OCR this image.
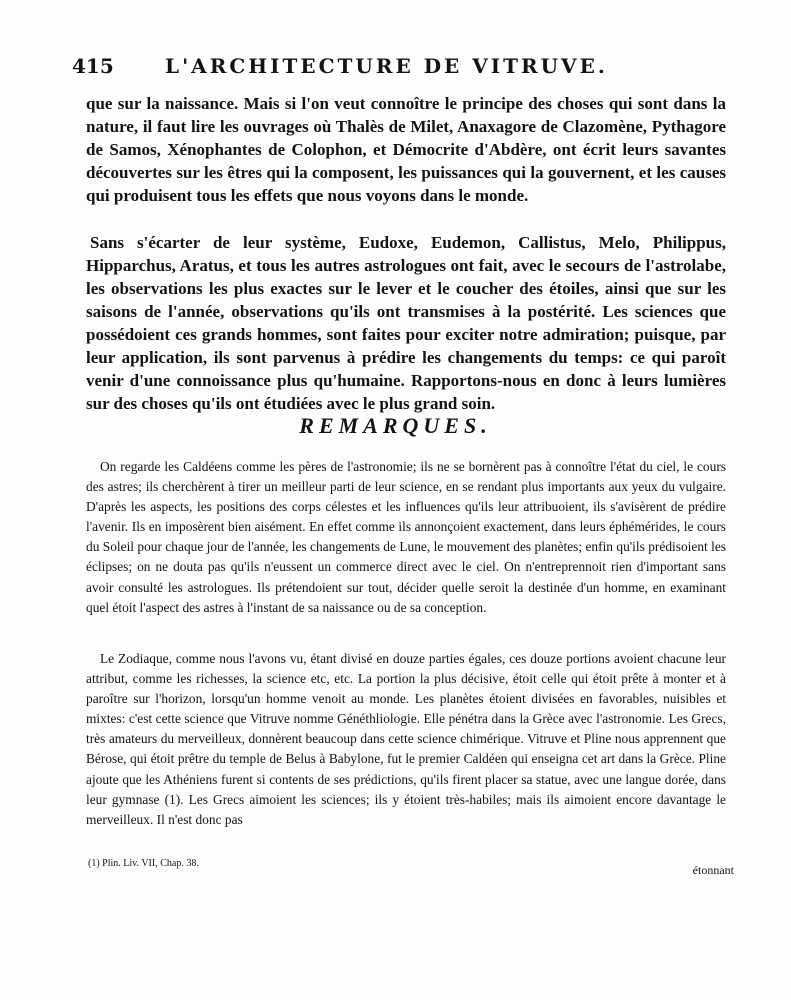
415	L'ARCHITECTURE DE VITRUVE.

que sur la naissance. Mais si l'on veut connoître le principe des choses qui sont dans la nature, il faut lire les ouvrages où Thalès de Milet, Anaxagore de Clazomène, Pythagore de Samos, Xénophantes de Colophon, et Démocrite d'Abdère, ont écrit leurs savantes découvertes sur les êtres qui la composent, les puissances qui la gouvernent, et les causes qui produisent tous les effets que nous voyons dans le monde.

Sans s'écarter de leur système, Eudoxe, Eudemon, Callistus, Melo, Philippus, Hipparchus, Aratus, et tous les autres astrologues ont fait, avec le secours de l'astrolabe, les observations les plus exactes sur le lever et le coucher des étoiles, ainsi que sur les saisons de l'année, observations qu'ils ont transmises à la postérité. Les sciences que possédoient ces grands hommes, sont faites pour exciter notre admiration; puisque, par leur application, ils sont parvenus à prédire les changements du temps: ce qui paroît venir d'une connoissance plus qu'humaine. Rapportons-nous en donc à leurs lumières sur des choses qu'ils ont étudiées avec le plus grand soin.

REMARQUES.

On regarde les Caldéens comme les pères de l'astronomie; ils ne se bornèrent pas à connoître l'état du ciel, le cours des astres; ils cherchèrent à tirer un meilleur parti de leur science, en se rendant plus importants aux yeux du vulgaire. D'après les aspects, les positions des corps célestes et les influences qu'ils leur attribuoient, ils s'avisèrent de prédire l'avenir. Ils en imposèrent bien aisément. En effet comme ils annonçoient exactement, dans leurs éphémérides, le cours du Soleil pour chaque jour de l'année, les changements de Lune, le mouvement des planètes; enfin qu'ils prédisoient les éclipses; on ne douta pas qu'ils n'eussent un commerce direct avec le ciel. On n'entreprennoit rien d'important sans avoir consulté les astrologues. Ils prétendoient sur tout, décider quelle seroit la destinée d'un homme, en examinant quel étoit l'aspect des astres à l'instant de sa naissance ou de sa conception.

Le Zodiaque, comme nous l'avons vu, étant divisé en douze parties égales, ces douze portions avoient chacune leur attribut, comme les richesses, la science etc, etc. La portion la plus décisive, étoit celle qui étoit prête à monter et à paroître sur l'horizon, lorsqu'un homme venoit au monde. Les planètes étoient divisées en favorables, nuisibles et mixtes: c'est cette science que Vitruve nomme Généthliologie. Elle pénétra dans la Grèce avec l'astronomie. Les Grecs, très amateurs du merveilleux, donnèrent beaucoup dans cette science chimérique. Vitruve et Pline nous apprennent que Bérose, qui étoit prêtre du temple de Belus à Babylone, fut le premier Caldéen qui enseigna cet art dans la Grèce. Pline ajoute que les Athéniens furent si contents de ses prédictions, qu'ils firent placer sa statue, avec une langue dorée, dans leur gymnase (1). Les Grecs aimoient les sciences; ils y étoient très-habiles; mais ils aimoient encore davantage le merveilleux. Il n'est donc pas

(1) Plin. Liv. VII, Chap. 38.	étonnant
